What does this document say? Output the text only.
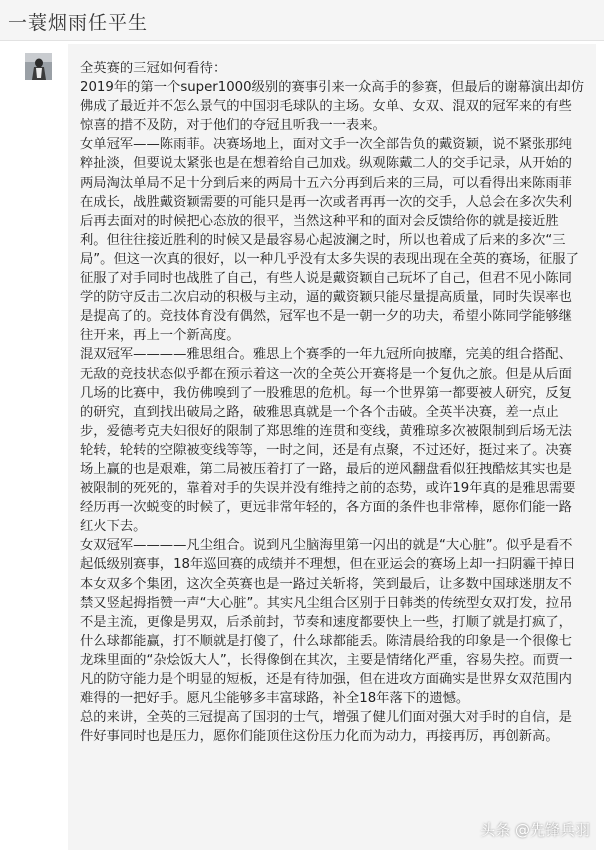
一蓑烟雨任平生

全英赛的三冠如何看待：

2019年的第一个super1000级别的赛事引来一众高手的参赛，但最后的谢幕演出却仿佛成了最近并不怎么景气的中国羽毛球队的主场。女单、女双、混双的冠军来的有些惊喜的措不及防，对于他们的夺冠且听我一一表来。

女单冠军——陈雨菲。决赛场地上，面对文手一次全部告负的戴资颖，说不紧张那纯粹扯淡，但要说太紧张也是在想着给自己加戏。纵观陈戴二人的交手记录，从开始的两局淘汰单局不足十分到后来的两局十五六分再到后来的三局，可以看得出来陈雨菲在成长，战胜戴资颖需要的可能只是再一次或者再再一次的交手，人总会在多次失利后再去面对的时候把心态放的很平，当然这种平和的面对会反馈给你的就是接近胜利。但往往接近胜利的时候又是最容易心起波澜之时，所以也着成了后来的多次“三局”。但这一次真的很好，以一种几乎没有太多失误的表现出现在全英的赛场，征服了征服了对手同时也战胜了自己，有些人说是戴资颖自己玩坏了自己，但君不见小陈同学的防守反击二次启动的积极与主动，逼的戴资颖只能尽量提高质量，同时失误率也是提高了的。竞技体育没有偶然，冠军也不是一朝一夕的功夫，希望小陈同学能够继往开来，再上一个新高度。

混双冠军————雅思组合。雅思上个赛季的一年九冠所向披靡，完美的组合搭配、无敌的竞技状态似乎都在预示着这一次的全英公开赛将是一个复仇之旅。但是从后面几场的比赛中，我仿佛嗅到了一股雅思的危机。每一个世界第一都要被人研究，反复的研究，直到找出破局之路，破雅思真就是一个各个击破。全英半决赛，差一点止步，爱德考克夫妇很好的限制了郑思维的连贯和变线，黄雅琼多次被限制到后场无法轮转，轮转的空隙被变线等等，一时之间，还是有点聚，不过还好，挺过来了。决赛场上赢的也是艰难，第二局被压着打了一路，最后的逆风翻盘看似狂拽酷炫其实也是被限制的死死的，靠着对手的失误并没有维持之前的态势，或许19年真的是雅思需要经历再一次蜕变的时候了，更远非常年轻的，各方面的条件也非常棒，愿你们能一路红火下去。

女双冠军————凡尘组合。说到凡尘脑海里第一闪出的就是“大心脏”。似乎是看不起低级别赛事，18年巡回赛的成绩并不理想，但在亚运会的赛场上却一扫阴霾干掉日本女双多个集团，这次全英赛也是一路过关斩将，笑到最后，让多数中国球迷朋友不禁又竖起拇指赞一声“大心脏”。其实凡尘组合区别于日韩类的传统型女双打发，拉吊不是主流，更像是男双，后杀前封，节奏和速度都要快上一些，打顺了就是打疯了，什么球都能赢，打不顺就是打傻了，什么球都能丢。陈清晨给我的印象是一个很像七龙珠里面的“杂烩饭大人”，长得像倒在其次，主要是情绪化严重，容易失控。而贾一凡的防守能力是个明显的短板，还是有待加强，但在进攻方面确实是世界女双范围内难得的一把好手。愿凡尘能够多丰富球路，补全18年落下的遗憾。

总的来讲，全英的三冠提高了国羽的士气，增强了健儿们面对强大对手时的自信，是件好事同时也是压力，愿你们能顶住这份压力化而为动力，再接再厉，再创新高。

头条 @先锋兵羽
